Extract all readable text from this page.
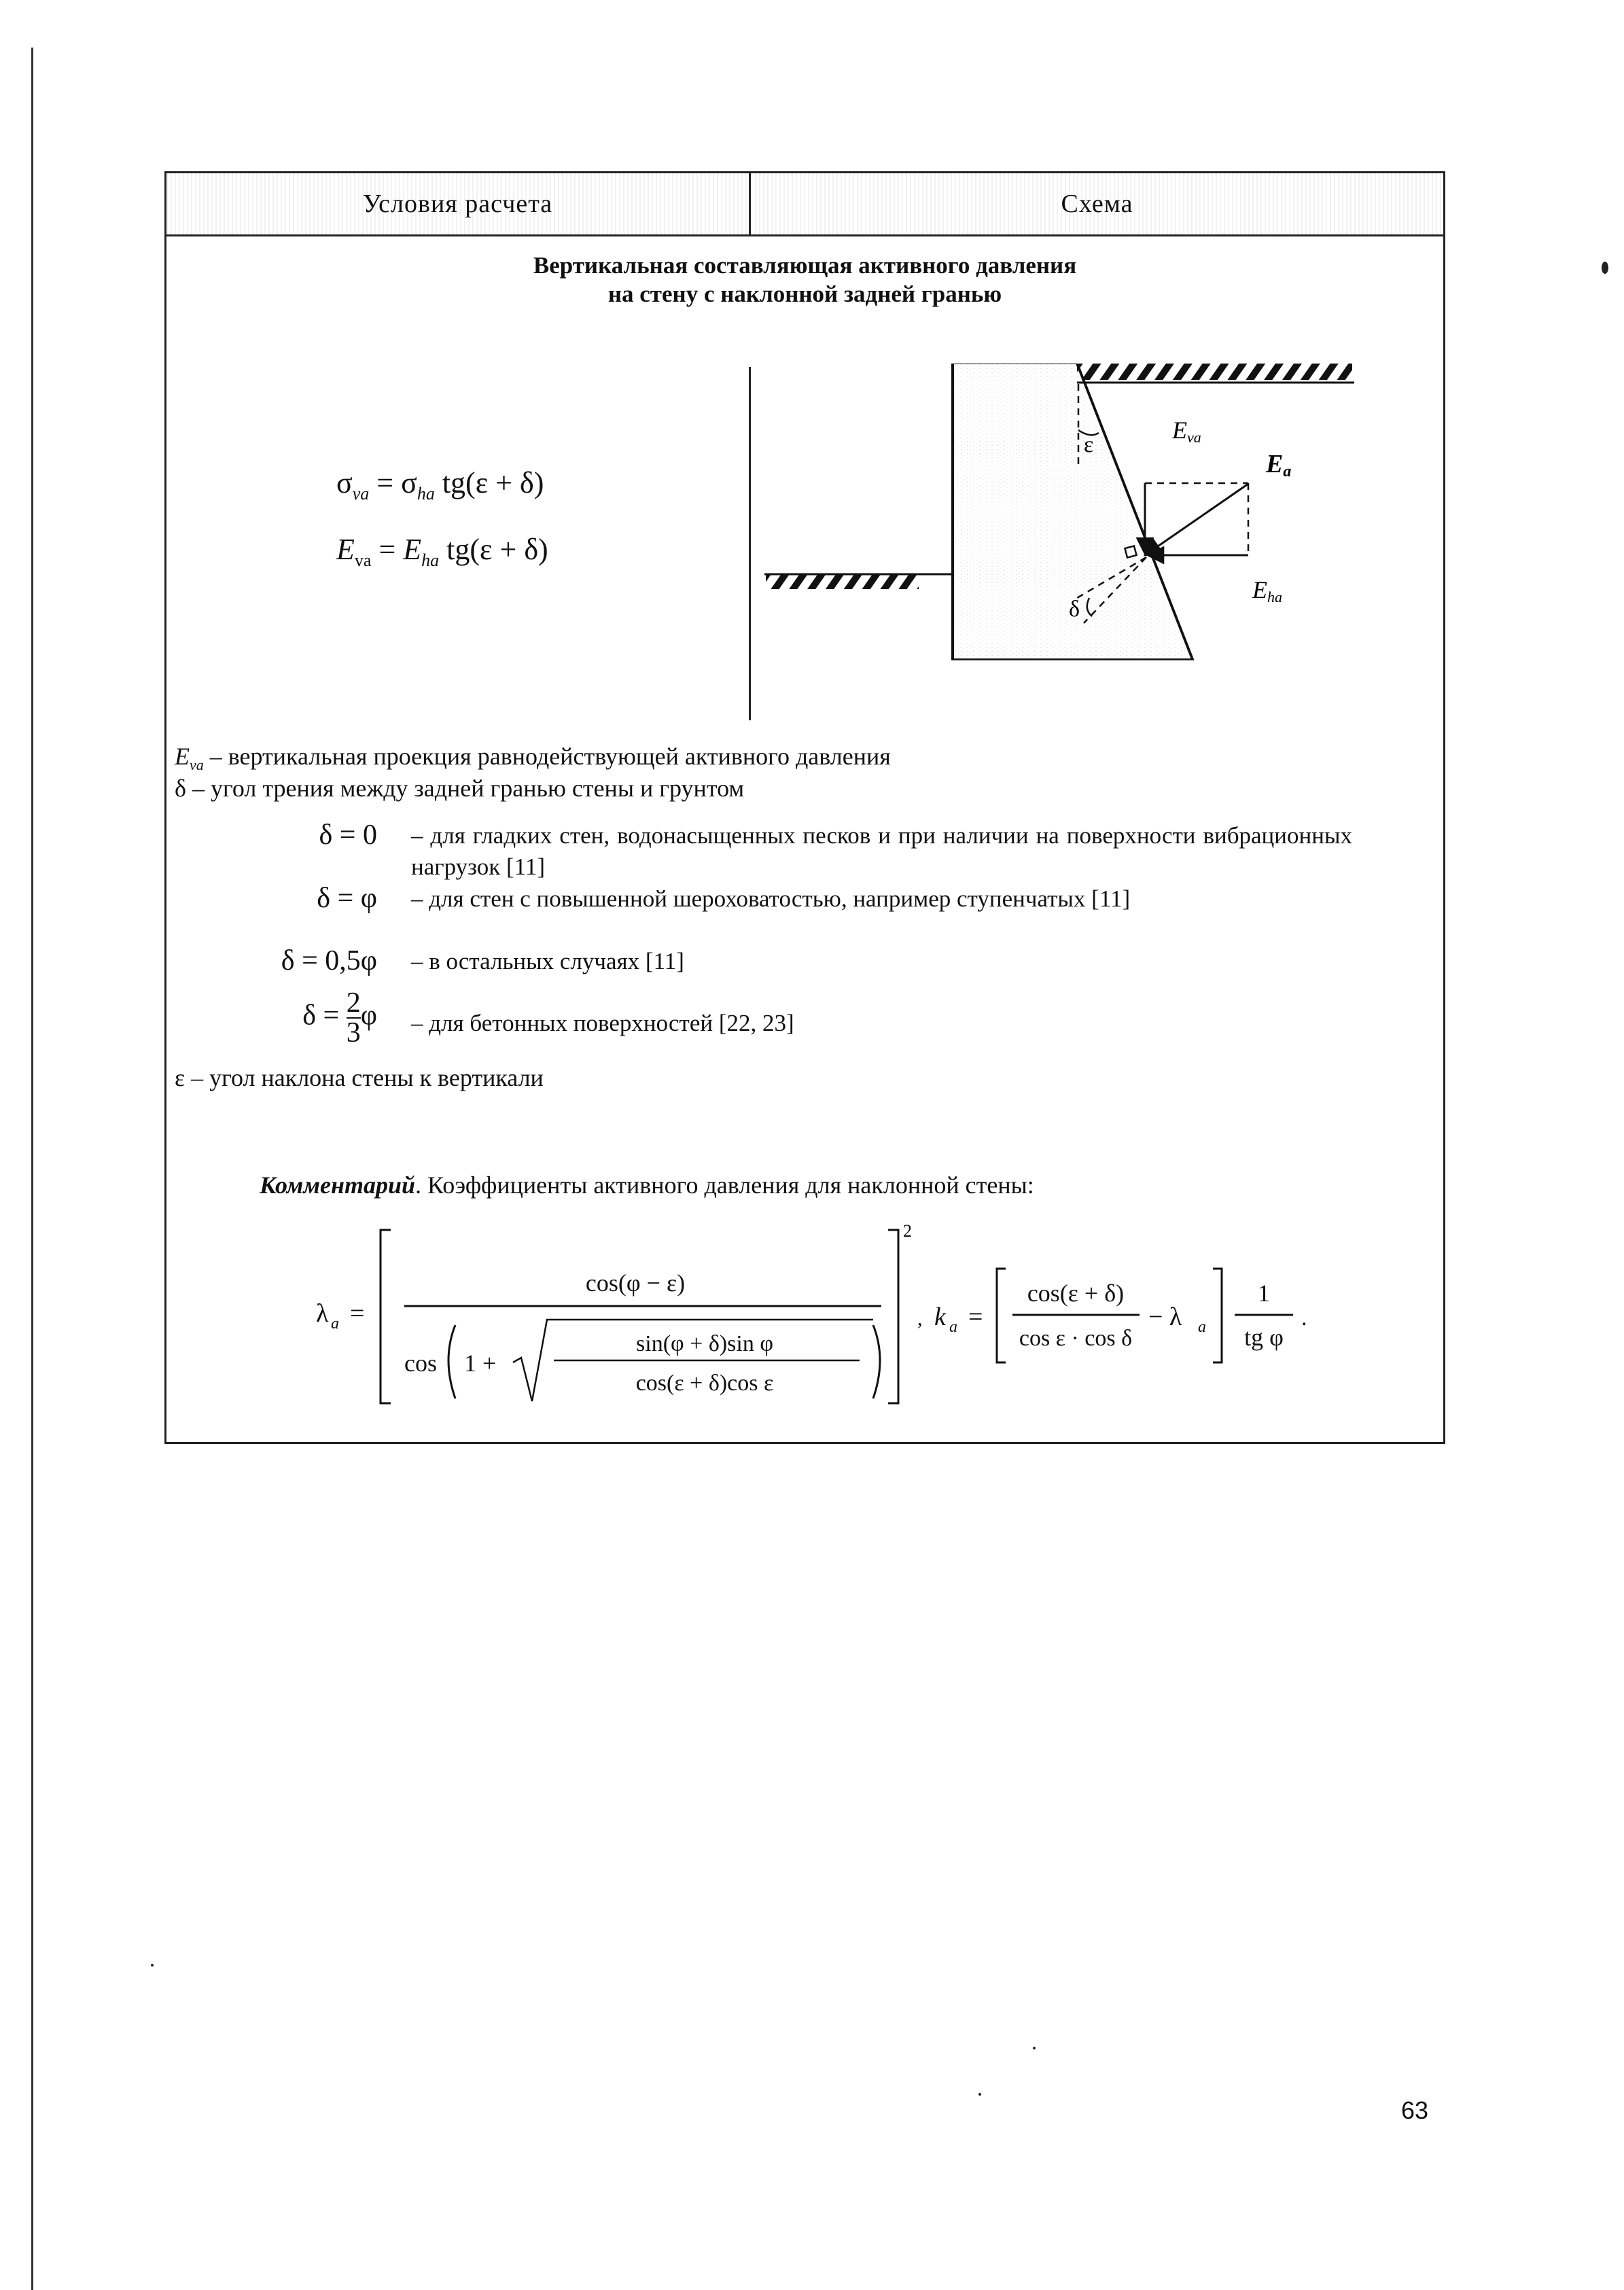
Условия расчета	Схема
Вертикальная составляющая активного давления
на стену с наклонной задней гранью
$\sigma_{va} = \sigma_{ha}$ tg(ε + δ)
$E_{va} = E_{ha}$ tg(ε + δ)
ε
δ
Eva
Ea
Eha
$E_{va}$ – вертикальная проекция равнодействующей активного давления
δ – угол трения между задней гранью стены и грунтом
δ = 0 – для гладких стен, водонасыщенных песков и при наличии на поверхности вибрационных нагрузок [11]
δ = φ – для стен с повышенной шероховатостью, например ступенчатых [11]
δ = 0,5φ – в остальных случаях [11]
$\delta = \frac{2}{3}$ φ – для бетонных поверхностей [22, 23]
ε – угол наклона стены к вертикали
Комментарий. Коэффициенты активного давления для наклонной стены:
λ a =
2
,
cos(φ − ε)
cos 1 +
sin(φ + δ)sin φ
cos(ε + δ)cos ε
k a =
cos(ε + δ)
cos ε · cos δ
− λ a
1
tg φ
.
63
